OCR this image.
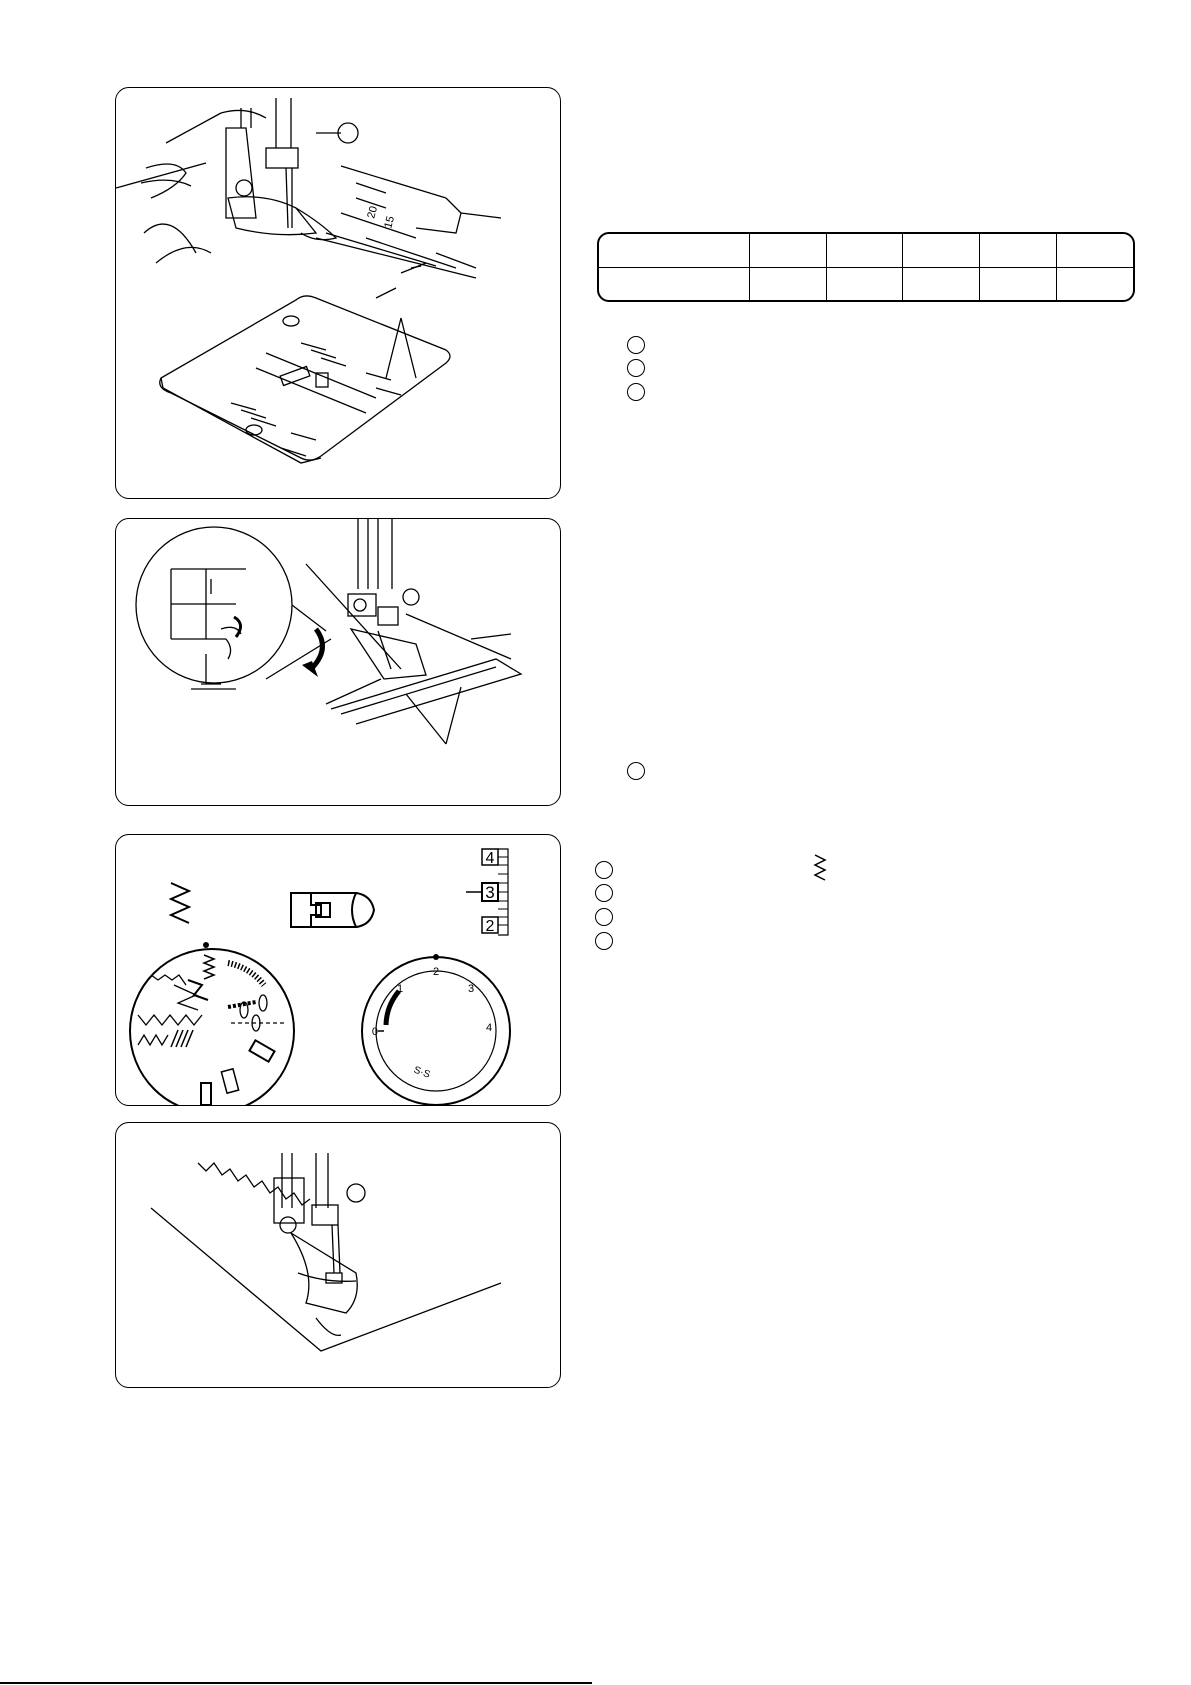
20
15
4
3
2
0
1
2
3
4
S·S
